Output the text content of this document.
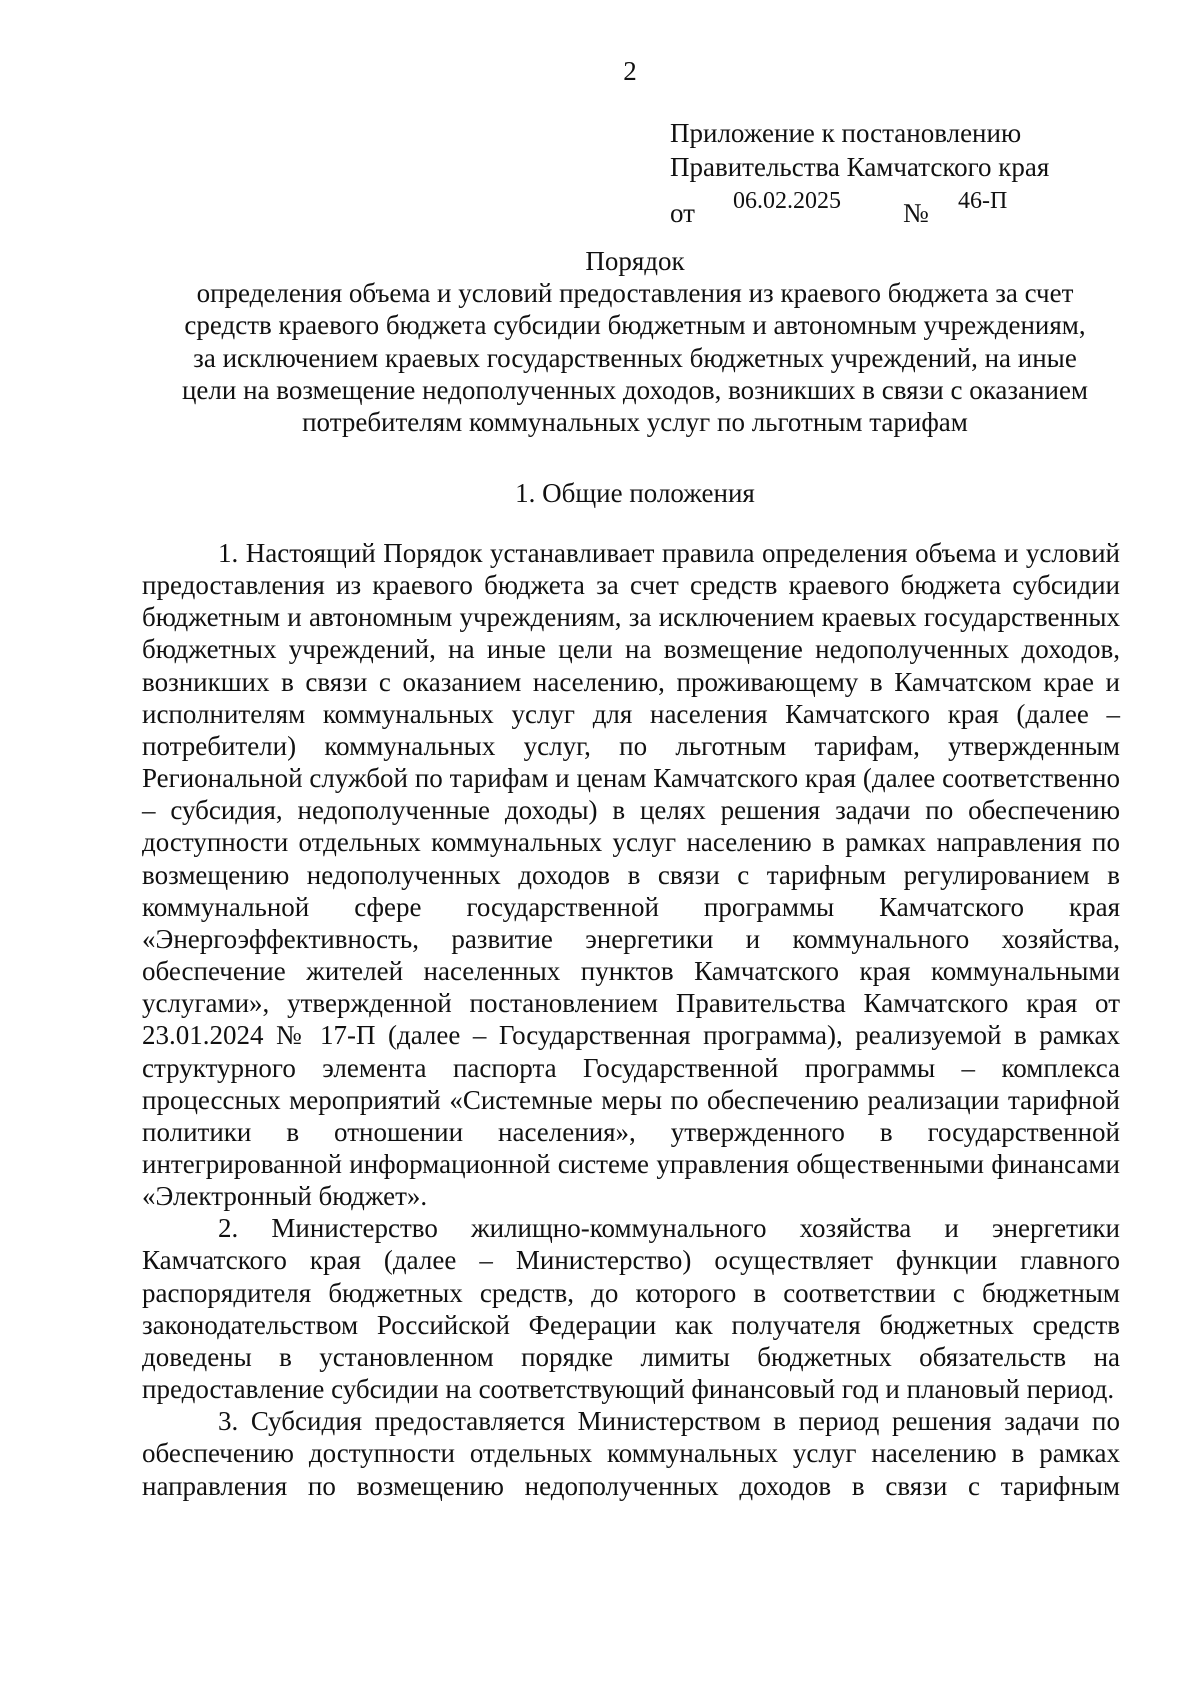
2
Приложение к постановлению
Правительства Камчатского края
от 06.02.2025 № 46-П
Порядок
определения объема и условий предоставления из краевого бюджета за счет
средств краевого бюджета субсидии бюджетным и автономным учреждениям,
за исключением краевых государственных бюджетных учреждений, на иные
цели на возмещение недополученных доходов, возникших в связи с оказанием
потребителям коммунальных услуг по льготным тарифам
1. Общие положения

1. Настоящий Порядок устанавливает правила определения объема и условий предоставления из краевого бюджета за счет средств краевого бюджета субсидии бюджетным и автономным учреждениям, за исключением краевых государственных бюджетных учреждений, на иные цели на возмещение недополученных доходов, возникших в связи с оказанием населению, проживающему в Камчатском крае и исполнителям коммунальных услуг для населения Камчатского края (далее – потребители) коммунальных услуг, по льготным тарифам, утвержденным Региональной службой по тарифам и ценам Камчатского края (далее соответственно – субсидия, недополученные доходы) в целях решения задачи по обеспечению доступности отдельных коммунальных услуг населению в рамках направления по возмещению недополученных доходов в связи с тарифным регулированием в коммунальной сфере государственной программы Камчатского края «Энергоэффективность, развитие энергетики и коммунального хозяйства, обеспечение жителей населенных пунктов Камчатского края коммунальными услугами», утвержденной постановлением Правительства Камчатского края от 23.01.2024 № 17-П (далее – Государственная программа), реализуемой в рамках структурного элемента паспорта Государственной программы – комплекса процессных мероприятий «Системные меры по обеспечению реализации тарифной политики в отношении населения», утвержденного в государственной интегрированной информационной системе управления общественными финансами «Электронный бюджет».

2. Министерство жилищно-коммунального хозяйства и энергетики Камчатского края (далее – Министерство) осуществляет функции главного распорядителя бюджетных средств, до которого в соответствии с бюджетным законодательством Российской Федерации как получателя бюджетных средств доведены в установленном порядке лимиты бюджетных обязательств на предоставление субсидии на соответствующий финансовый год и плановый период.

3. Субсидия предоставляется Министерством в период решения задачи по обеспечению доступности отдельных коммунальных услуг населению в рамках направления по возмещению недополученных доходов в связи с тарифным
